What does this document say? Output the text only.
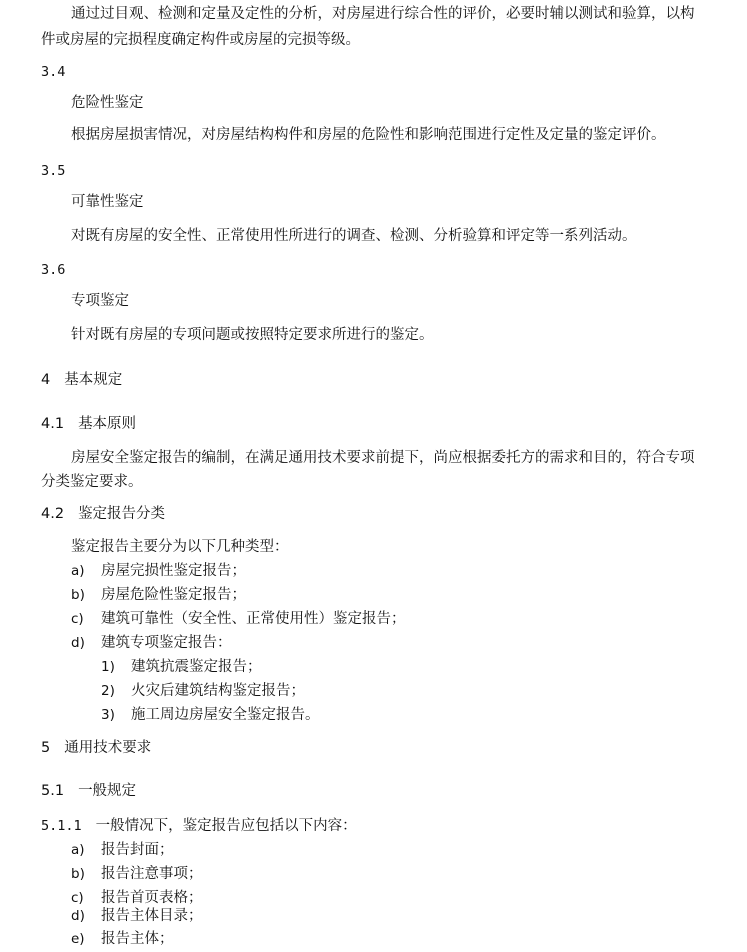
通过过目观、检测和定量及定性的分析，对房屋进行综合性的评价，必要时辅以测试和验算，以构
件或房屋的完损程度确定构件或房屋的完损等级。
3.4
危险性鉴定
根据房屋损害情况，对房屋结构构件和房屋的危险性和影响范围进行定性及定量的鉴定评价。
3.5
可靠性鉴定
对既有房屋的安全性、正常使用性所进行的调查、检测、分析验算和评定等一系列活动。
3.6
专项鉴定
针对既有房屋的专项问题或按照特定要求所进行的鉴定。
4 基本规定
4.1 基本原则
房屋安全鉴定报告的编制，在满足通用技术要求前提下，尚应根据委托方的需求和目的，符合专项
分类鉴定要求。
4.2 鉴定报告分类
鉴定报告主要分为以下几种类型：
a) 房屋完损性鉴定报告；
b) 房屋危险性鉴定报告；
c) 建筑可靠性（安全性、正常使用性）鉴定报告；
d) 建筑专项鉴定报告：
1) 建筑抗震鉴定报告；
2) 火灾后建筑结构鉴定报告；
3) 施工周边房屋安全鉴定报告。
5 通用技术要求
5.1 一般规定
5.1.1 一般情况下，鉴定报告应包括以下内容：
a) 报告封面；
b) 报告注意事项；
c) 报告首页表格；
d) 报告主体目录；
e) 报告主体；
